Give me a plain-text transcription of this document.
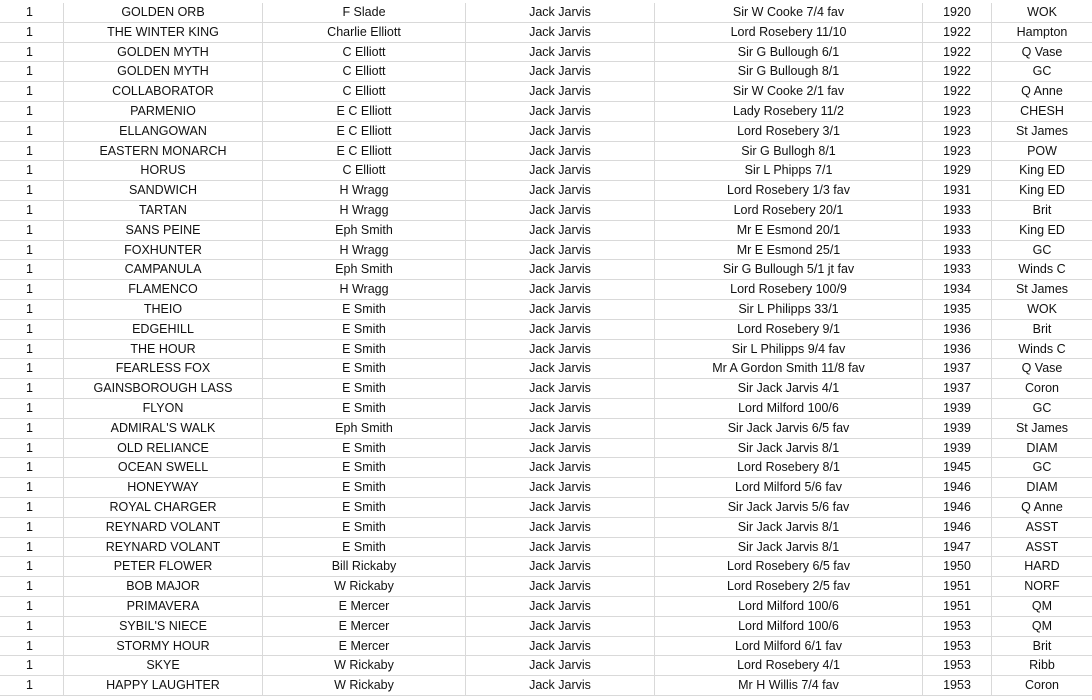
1	GOLDEN ORB	F Slade	Jack Jarvis	Sir W Cooke 7/4 fav	1920	WOK
1	THE WINTER KING	Charlie Elliott	Jack Jarvis	Lord Rosebery 11/10	1922	Hampton
1	GOLDEN MYTH	C Elliott	Jack Jarvis	Sir G Bullough 6/1	1922	Q Vase
1	GOLDEN MYTH	C Elliott	Jack Jarvis	Sir G Bullough 8/1	1922	GC
1	COLLABORATOR	C Elliott	Jack Jarvis	Sir W Cooke 2/1 fav	1922	Q Anne
1	PARMENIO	E C Elliott	Jack Jarvis	Lady Rosebery 11/2	1923	CHESH
1	ELLANGOWAN	E C Elliott	Jack Jarvis	Lord Rosebery 3/1	1923	St James
1	EASTERN MONARCH	E C Elliott	Jack Jarvis	Sir G Bullogh 8/1	1923	POW
1	HORUS	C Elliott	Jack Jarvis	Sir L Phipps 7/1	1929	King ED
1	SANDWICH	H Wragg	Jack Jarvis	Lord Rosebery 1/3 fav	1931	King ED
1	TARTAN	H Wragg	Jack Jarvis	Lord Rosebery 20/1	1933	Brit
1	SANS PEINE	Eph Smith	Jack Jarvis	Mr E Esmond 20/1	1933	King ED
1	FOXHUNTER	H Wragg	Jack Jarvis	Mr E Esmond 25/1	1933	GC
1	CAMPANULA	Eph Smith	Jack Jarvis	Sir G Bullough 5/1 jt fav	1933	Winds C
1	FLAMENCO	H Wragg	Jack Jarvis	Lord Rosebery 100/9	1934	St James
1	THEIO	E Smith	Jack Jarvis	Sir L Philipps 33/1	1935	WOK
1	EDGEHILL	E Smith	Jack Jarvis	Lord Rosebery 9/1	1936	Brit
1	THE HOUR	E Smith	Jack Jarvis	Sir L Philipps 9/4 fav	1936	Winds C
1	FEARLESS FOX	E Smith	Jack Jarvis	Mr A Gordon Smith 11/8 fav	1937	Q Vase
1	GAINSBOROUGH LASS	E Smith	Jack Jarvis	Sir Jack Jarvis 4/1	1937	Coron
1	FLYON	E Smith	Jack Jarvis	Lord Milford 100/6	1939	GC
1	ADMIRAL'S WALK	Eph Smith	Jack Jarvis	Sir Jack Jarvis 6/5 fav	1939	St James
1	OLD RELIANCE	E Smith	Jack Jarvis	Sir Jack Jarvis 8/1	1939	DIAM
1	OCEAN SWELL	E Smith	Jack Jarvis	Lord Rosebery 8/1	1945	GC
1	HONEYWAY	E Smith	Jack Jarvis	Lord Milford 5/6 fav	1946	DIAM
1	ROYAL CHARGER	E Smith	Jack Jarvis	Sir Jack Jarvis 5/6 fav	1946	Q Anne
1	REYNARD VOLANT	E Smith	Jack Jarvis	Sir Jack Jarvis 8/1	1946	ASST
1	REYNARD VOLANT	E Smith	Jack Jarvis	Sir Jack Jarvis 8/1	1947	ASST
1	PETER FLOWER	Bill Rickaby	Jack Jarvis	Lord Rosebery 6/5 fav	1950	HARD
1	BOB MAJOR	W Rickaby	Jack Jarvis	Lord Rosebery 2/5 fav	1951	NORF
1	PRIMAVERA	E Mercer	Jack Jarvis	Lord Milford 100/6	1951	QM
1	SYBIL'S NIECE	E Mercer	Jack Jarvis	Lord Milford 100/6	1953	QM
1	STORMY HOUR	E Mercer	Jack Jarvis	Lord Milford 6/1 fav	1953	Brit
1	SKYE	W Rickaby	Jack Jarvis	Lord Rosebery 4/1	1953	Ribb
1	HAPPY LAUGHTER	W Rickaby	Jack Jarvis	Mr H Willis 7/4 fav	1953	Coron
